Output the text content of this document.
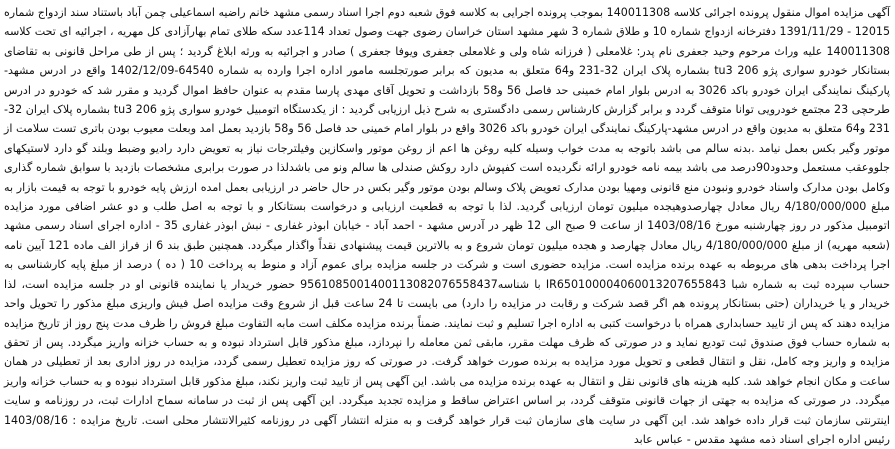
آگهی مزایده اموال منقول پرونده اجرائی کلاسه 140011308 بموجب پرونده اجرایی به کلاسه فوق شعبه دوم اجرا اسناد رسمی مشهد خانم راضیه اسماعیلی چمن آباد باستناد سند ازدواج شماره 12015 - 1391/11/29 دفترخانه ازدواج شماره 10 و طلاق شماره 3 شهر مشهد استان خراسان رضوی جهت وصول تعداد 114عدد سکه طلای تمام بهارآزادی کل مهریه ، اجرائیه ای تحت کلاسه 140011308 علیه وراث مرحوم وحید جعفری نام پدر: غلامعلی ( فرزانه شاه ولی و غلامعلی جعفری ویوفا جعفری ) صادر و اجرائیه به ورثه ابلاغ گردید ؛ پس از طی مراحل قانونی به تقاضای بستانکار خودرو سواری پژو 206 tu3 بشماره پلاک ایران 32-231 و64 متعلق به مدیون که برابر صورتجلسه مامور اداره اجرا وارده به شماره 64540-1402/12/09 واقع در ادرس مشهد-پارکینگ نمایندگی ایران خودرو باکد 3026 به ادرس بلوار امام خمینی حد فاصل 56 و58 بازداشت و تحویل آقای مهدی پارسا مقدم به عنوان حافظ اموال گردید و مقرر شد که خودرو در ادرس طرحچی 23 مجتمع خودرویی توانا متوقف گردد و برابر گزارش کارشناس رسمی دادگستری به شرح ذیل ارزیابی گردید : از یکدستگاه اتومبیل خودرو سواری پژو 206 tu3 بشماره پلاک ایران 32-231 و64 متعلق به مدیون واقع در ادرس مشهد-پارکینگ نمایندگی ایران خودرو باکد 3026 واقع در بلوار امام خمینی حد فاصل 56 و58 بازدید بعمل امد وبعلت معیوب بودن باتری تست سلامت از موتور وگیر بکس بعمل نیامد .بدنه سالم می باشد باتوجه به مدت خواب وسیله کلیه روغن ها اعم از روغن موتور واسکازین وفیلترجات نیاز به تعویض دارد رادیو وضبط وبلند گو دارد لاستیکهای جلووعقب مستعمل وحدود90درصد می باشد بیمه نامه خودرو ارائه نگردیده است کفپوش دارد روکش صندلی ها سالم ونو می باشدلذا در صورت برابری مشخصات بازدید با سوابق شماره گذاری وکامل بودن مدارک واسناد خودرو ونبودن منع قانونی ومهیا بودن مدارک تعویض پلاک وسالم بودن موتور وگیر بکس در حال حاضر در ارزیابی بعمل امده ارزش پایه خودرو با توجه به قیمت بازار به مبلغ 4/180/000/000 ریال معادل چهارصدوهیجده میلیون تومان ارزیابی گردید. لذا با توجه به قطعیت ارزیابی و درخواست بستانکار و با توجه به اصل طلب و دو عشر اضافی مورد مزایده اتومبیل مذکور در روز چهارشنبه مورخ 1403/08/16 از ساعت 9 صبح الی 12 ظهر در آدرس مشهد - احمد آباد - خیابان ابوذر غفاری - نبش ابوذر غفاری 35 - اداره اجرای اسناد رسمی مشهد (شعبه مهریه) از مبلغ 4/180/000/000 ریال معادل چهارصد و هجده میلیون تومان شروع و به بالاترین قیمت پیشنهادی نقداً واگذار میگردد. همچنین طبق بند 6 از فراز الف ماده 121 آیین نامه اجرا پرداخت بدهی های مربوطه به عهده برنده مزایده است. مزایده حضوری است و شرکت در جلسه مزایده برای عموم آزاد و منوط به پرداخت 10 ( ده ) درصد از مبلغ پایه کارشناسی به حساب سپرده ثبت به شماره شبا IR650100004060013207655843 با شناسه9561085001400113082076558437 حضور خریدار یا نماینده قانونی او در جلسه مزایده است، لذا خریدار و یا خریداران (حتی بستانکار پرونده هم اگر قصد شرکت و رقابت در مزایده را دارد) می بایست تا 24 ساعت قبل از شروع وقت مزایده اصل فیش واریزی مبلغ مذکور را تحویل واحد مزایده دهند که پس از تایید حسابداری همراه با درخواست کتبی به اداره اجرا تسلیم و ثبت نمایند. ضمناً برنده مزایده مکلف است مابه التفاوت مبلغ فروش را ظرف مدت پنج روز از تاریخ مزایده به شماره حساب فوق صندوق ثبت تودیع نماید و در صورتی که ظرف مهلت مقرر، مابقی ثمن معامله را نپردازد، مبلغ مذکور قابل استرداد نبوده و به حساب خزانه واریز میگردد. پس از تحقق مزایده و واریز وجه کامل، نقل و انتقال قطعی و تحویل مورد مزایده به برنده صورت خواهد گرفت. در صورتی که روز مزایده تعطیل رسمی گردد، مزایده در روز اداری بعد از تعطیلی در همان ساعت و مکان انجام خواهد شد. کلیه هزینه های قانونی نقل و انتقال به عهده برنده مزایده می باشد. این آگهی پس از تایید ثبت واریز نکند، مبلغ مذکور قابل استرداد نبوده و به حساب خزانه واریز میگردد. در صورتی که مزایده به جهتی از جهات قانونی متوقف گردد، بر اساس اعتراض ساقط و مزایده تجدید میگردد. این آگهی پس از ثبت در سامانه سماح ادارات ثبت، در روزنامه و سایت اینترنتی سازمان ثبت قرار داده خواهد شد. این آگهی در سایت های سازمان ثبت قرار خواهد گرفت و به منزله انتشار آگهی در روزنامه کثیرالانتشار محلی است. تاریخ مزایده : 1403/08/16 رئیس اداره اجرای اسناد ذمه مشهد مقدس - عباس عابد
